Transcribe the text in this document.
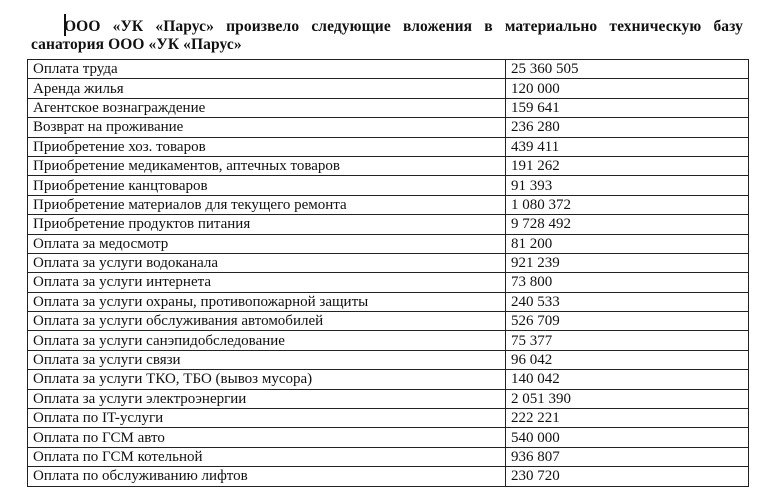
ООО «УК «Парус» произвело следующие вложения в материально техническую базу
санатория ООО «УК «Парус»
Оплата труда	25 360 505
Аренда жилья	120 000
Агентское вознаграждение	159 641
Возврат на проживание	236 280
Приобретение хоз. товаров	439 411
Приобретение медикаментов, аптечных товаров	191 262
Приобретение канцтоваров	91 393
Приобретение материалов для текущего ремонта	1 080 372
Приобретение продуктов питания	9 728 492
Оплата за медосмотр	81 200
Оплата за услуги водоканала	921 239
Оплата за услуги интернета	73 800
Оплата за услуги охраны, противопожарной защиты	240 533
Оплата за услуги обслуживания автомобилей	526 709
Оплата за услуги санэпидобследование	75 377
Оплата за услуги связи	96 042
Оплата за услуги ТКО, ТБО (вывоз мусора)	140 042
Оплата за услуги электроэнергии	2 051 390
Оплата по IT-услуги	222 221
Оплата по ГСМ авто	540 000
Оплата по ГСМ котельной	936 807
Оплата по обслуживанию лифтов	230 720
